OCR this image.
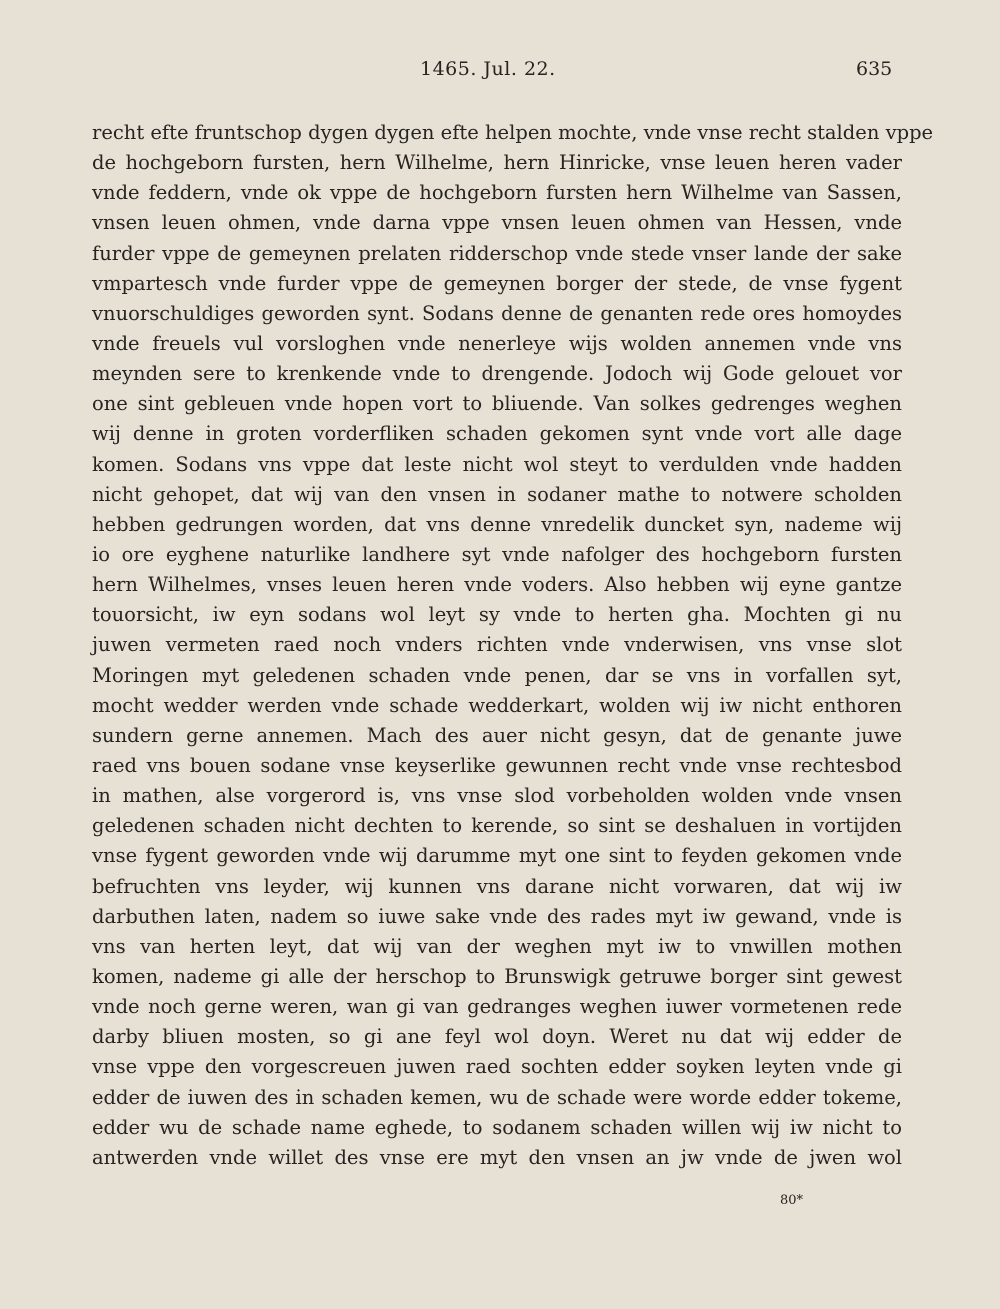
1465. Jul. 22.	635
recht efte fruntschop dygen dygen efte helpen mochte, vnde vnse recht stalden vppe
de hochgeborn fursten, hern Wilhelme, hern Hinricke, vnse leuen heren vader
vnde feddern, vnde ok vppe de hochgeborn fursten hern Wilhelme van Sassen,
vnsen leuen ohmen, vnde darna vppe vnsen leuen ohmen van Hessen, vnde
furder vppe de gemeynen prelaten ridderschop vnde stede vnser lande der sake
vmpartesch vnde furder vppe de gemeynen borger der stede, de vnse fygent
vnuorschuldiges geworden synt. Sodans denne de genanten rede ores homoydes
vnde freuels vul vorsloghen vnde nenerleye wijs wolden annemen vnde vns
meynden sere to krenkende vnde to drengende. Jodoch wij Gode gelouet vor
one sint gebleuen vnde hopen vort to bliuende. Van solkes gedrenges weghen
wij denne in groten vorderfliken schaden gekomen synt vnde vort alle dage
komen. Sodans vns vppe dat leste nicht wol steyt to verdulden vnde hadden
nicht gehopet, dat wij van den vnsen in sodaner mathe to notwere scholden
hebben gedrungen worden, dat vns denne vnredelik duncket syn, nademe wij
io ore eyghene naturlike landhere syt vnde nafolger des hochgeborn fursten
hern Wilhelmes, vnses leuen heren vnde voders. Also hebben wij eyne gantze
touorsicht, iw eyn sodans wol leyt sy vnde to herten gha. Mochten gi nu
juwen vermeten raed noch vnders richten vnde vnderwisen, vns vnse slot
Moringen myt geledenen schaden vnde penen, dar se vns in vorfallen syt,
mocht wedder werden vnde schade wedderkart, wolden wij iw nicht enthoren
sundern gerne annemen. Mach des auer nicht gesyn, dat de genante juwe
raed vns bouen sodane vnse keyserlike gewunnen recht vnde vnse rechtesbod
in mathen, alse vorgerord is, vns vnse slod vorbeholden wolden vnde vnsen
geledenen schaden nicht dechten to kerende, so sint se deshaluen in vortijden
vnse fygent geworden vnde wij darumme myt one sint to feyden gekomen vnde
befruchten vns leyder, wij kunnen vns darane nicht vorwaren, dat wij iw
darbuthen laten, nadem so iuwe sake vnde des rades myt iw gewand, vnde is
vns van herten leyt, dat wij van der weghen myt iw to vnwillen mothen
komen, nademe gi alle der herschop to Brunswigk getruwe borger sint gewest
vnde noch gerne weren, wan gi van gedranges weghen iuwer vormetenen rede
darby bliuen mosten, so gi ane feyl wol doyn. Weret nu dat wij edder de
vnse vppe den vorgescreuen juwen raed sochten edder soyken leyten vnde gi
edder de iuwen des in schaden kemen, wu de schade were worde edder tokeme,
edder wu de schade name eghede, to sodanem schaden willen wij iw nicht to
antwerden vnde willet des vnse ere myt den vnsen an jw vnde de jwen wol
80*
